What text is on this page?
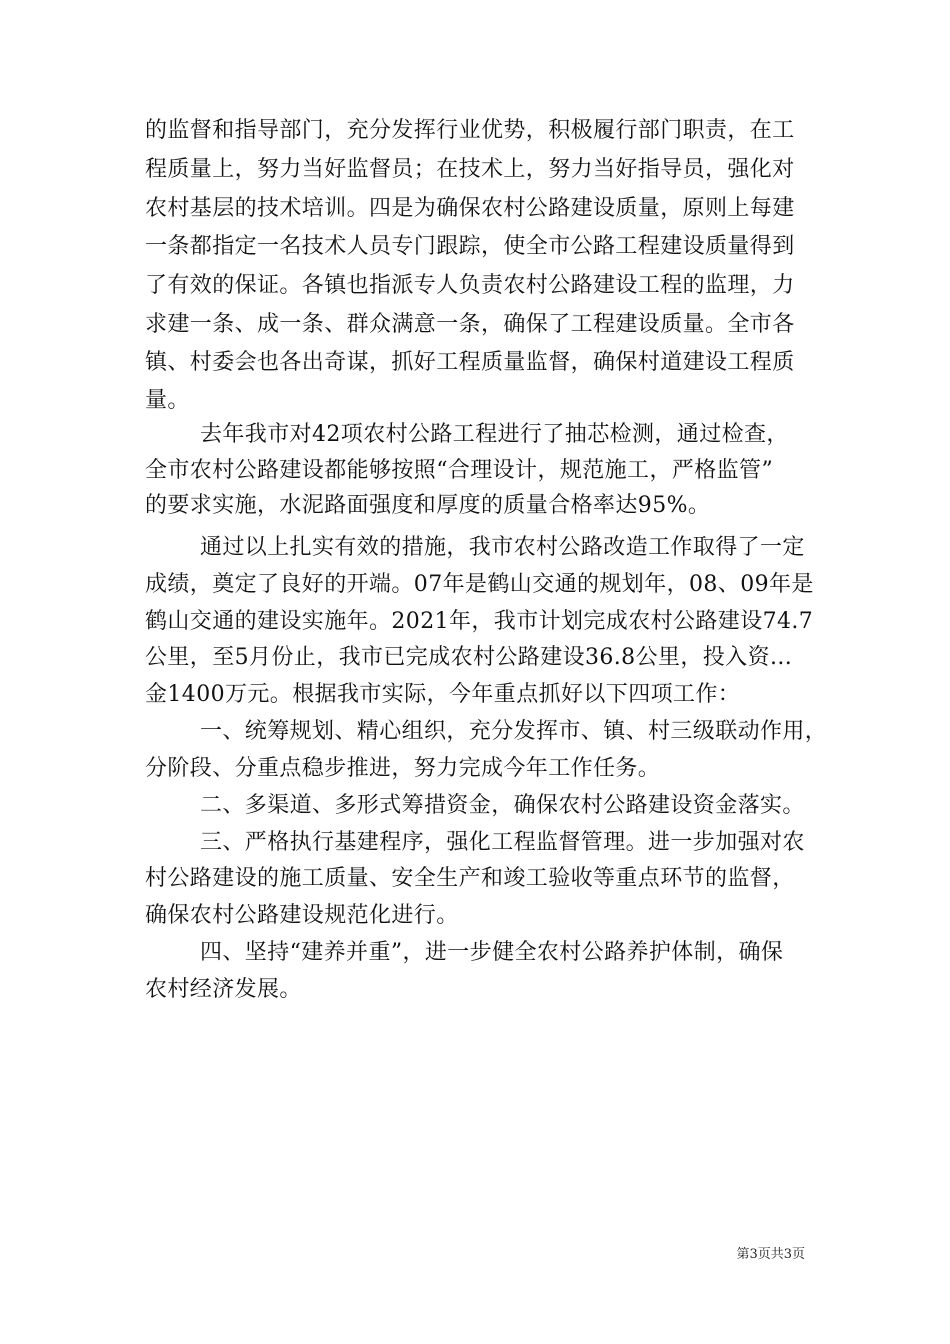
的监督和指导部门，充分发挥行业优势，积极履行部门职责，在工
程质量上，努力当好监督员；在技术上，努力当好指导员，强化对
农村基层的技术培训。四是为确保农村公路建设质量，原则上每建
一条都指定一名技术人员专门跟踪，使全市公路工程建设质量得到
了有效的保证。各镇也指派专人负责农村公路建设工程的监理，力
求建一条、成一条、群众满意一条，确保了工程建设质量。全市各
镇、村委会也各出奇谋，抓好工程质量监督，确保村道建设工程质
量。
去年我市对42项农村公路工程进行了抽芯检测，通过检查，
全市农村公路建设都能够按照“合理设计，规范施工，严格监管”
的要求实施，水泥路面强度和厚度的质量合格率达95%。
通过以上扎实有效的措施，我市农村公路改造工作取得了一定
成绩，奠定了良好的开端。07年是鹤山交通的规划年，08、09年是
鹤山交通的建设实施年。2021年，我市计划完成农村公路建设74.7
公里，至5月份止，我市已完成农村公路建设36.8公里，投入资...
金1400万元。根据我市实际，今年重点抓好以下四项工作：
一、统筹规划、精心组织，充分发挥市、镇、村三级联动作用，
分阶段、分重点稳步推进，努力完成今年工作任务。
二、多渠道、多形式筹措资金，确保农村公路建设资金落实。
三、严格执行基建程序，强化工程监督管理。进一步加强对农
村公路建设的施工质量、安全生产和竣工验收等重点环节的监督，
确保农村公路建设规范化进行。
四、坚持“建养并重”，进一步健全农村公路养护体制，确保
农村经济发展。
第3页共3页
